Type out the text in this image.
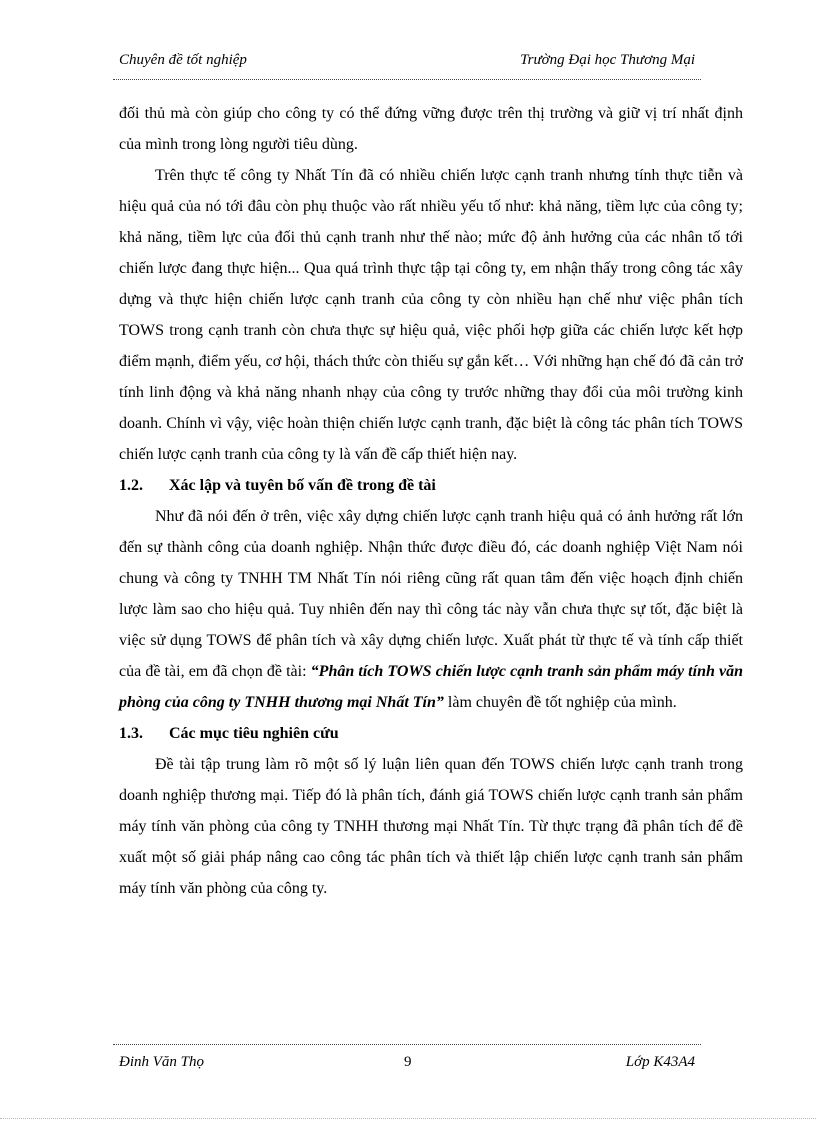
Chuyên đề tốt nghiệp	Trường Đại học Thương Mại

đối thủ mà còn giúp cho công ty có thể đứng vững được trên thị trường và giữ vị trí nhất định của mình trong lòng người tiêu dùng.

Trên thực tế công ty Nhất Tín đã có nhiều chiến lược cạnh tranh nhưng tính thực tiễn và hiệu quả của nó tới đâu còn phụ thuộc vào rất nhiều yếu tố như: khả năng, tiềm lực của công ty; khả năng, tiềm lực của đối thủ cạnh tranh như thế nào; mức độ ảnh hưởng của các nhân tố tới chiến lược đang thực hiện... Qua quá trình thực tập tại công ty, em nhận thấy trong công tác xây dựng và thực hiện chiến lược cạnh tranh của công ty còn nhiều hạn chế như việc phân tích TOWS trong cạnh tranh còn chưa thực sự hiệu quả, việc phối hợp giữa các chiến lược kết hợp điểm mạnh, điểm yếu, cơ hội, thách thức còn thiếu sự gắn kết… Với những hạn chế đó đã cản trở tính linh động và khả năng nhanh nhạy của công ty trước những thay đổi của môi trường kinh doanh. Chính vì vậy, việc hoàn thiện chiến lược cạnh tranh, đặc biệt là công tác phân tích TOWS chiến lược cạnh tranh của công ty là vấn đề cấp thiết hiện nay.

1.2. Xác lập và tuyên bố vấn đề trong đề tài

Như đã nói đến ở trên, việc xây dựng chiến lược cạnh tranh hiệu quả có ảnh hưởng rất lớn đến sự thành công của doanh nghiệp. Nhận thức được điều đó, các doanh nghiệp Việt Nam nói chung và công ty TNHH TM Nhất Tín nói riêng cũng rất quan tâm đến việc hoạch định chiến lược làm sao cho hiệu quả. Tuy nhiên đến nay thì công tác này vẫn chưa thực sự tốt, đặc biệt là việc sử dụng TOWS để phân tích và xây dựng chiến lược. Xuất phát từ thực tế và tính cấp thiết của đề tài, em đã chọn đề tài: “Phân tích TOWS chiến lược cạnh tranh sản phẩm máy tính văn phòng của công ty TNHH thương mại Nhất Tín” làm chuyên đề tốt nghiệp của mình.

1.3. Các mục tiêu nghiên cứu

Đề tài tập trung làm rõ một số lý luận liên quan đến TOWS chiến lược cạnh tranh trong doanh nghiệp thương mại. Tiếp đó là phân tích, đánh giá TOWS chiến lược cạnh tranh sản phẩm máy tính văn phòng của công ty TNHH thương mại Nhất Tín. Từ thực trạng đã phân tích để đề xuất một số giải pháp nâng cao công tác phân tích và thiết lập chiến lược cạnh tranh sản phẩm máy tính văn phòng của công ty.

Đinh Văn Thọ	9	Lớp K43A4
